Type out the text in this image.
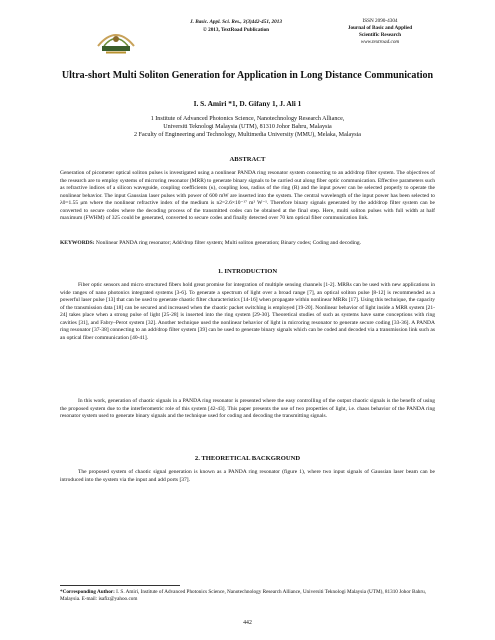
J. Basic. Appl. Sci. Res., 3(3)442-451, 2013
© 2013, TextRoad Publication
ISSN 2090-4304
Journal of Basic and Applied
Scientific Research
www.textroad.com
Ultra-short Multi Soliton Generation for Application in Long Distance Communication
I. S. Amiri *1, D. Gifany 1, J. Ali 1
1 Institute of Advanced Photonics Science, Nanotechnology Research Alliance,
Universiti Teknologi Malaysia (UTM), 81310 Johor Bahru, Malaysia
2 Faculty of Engineering and Technology, Multimedia University (MMU), Melaka, Malaysia
ABSTRACT
Generation of picometer optical soliton pulses is investigated using a nonlinear PANDA ring resonator system connecting to an add/drop filter system. The objectives of the research are to employ systems of microring resonator (MRR) to generate binary signals to be carried out along fiber optic communication. Effective parameters such as refractive indices of a silicon waveguide, coupling coefficients (κ), coupling loss, radius of the ring (R) and the input power can be selected properly to operate the nonlinear behavior. The input Gaussian laser pulses with power of 600 mW are inserted into the system. The central wavelength of the input power has been selected to λ0=1.55 μm where the nonlinear refractive index of the medium is n2=2.6×10⁻¹⁷ m² W⁻¹. Therefore binary signals generated by the add/drop filter system can be converted to secure codes where the decoding process of the transmitted codes can be obtained at the final step. Here, multi soliton pulses with full width at half maximum (FWHM) of 325 could be generated, converted to secure codes and finally detected over 70 km optical fiber communication link.
KEYWORDS: Nonlinear PANDA ring resonator; Add/drop filter system; Multi soliton generation; Binary codes; Coding and decoding.
1. INTRODUCTION
Fiber optic sensors and micro structured fibers hold great promise for integration of multiple sensing channels [1-2]. MRRs can be used with new applications in wide ranges of nano photonics integrated systems [3-6]. To generate a spectrum of light over a broad range [7], an optical soliton pulse [8-12] is recommended as a powerful laser pulse [13] that can be used to generate chaotic filter characteristics [14-16] when propagate within nonlinear MRRs [17]. Using this technique, the capacity of the transmission data [18] can be secured and increased when the chaotic packet switching is employed [19-20]. Nonlinear behavior of light inside a MRR system [21-24] takes place when a strong pulse of light [25-28] is inserted into the ring system [29-30]. Theoretical studies of such as systems have same conceptions with ring cavities [31], and Fabry–Perot system [32]. Another technique used the nonlinear behavior of light in microring resonator to generate secure coding [33-36]. A PANDA ring resonator [37-38] connecting to an add/drop filter system [39] can be used to generate binary signals which can be coded and decoded via a transmission link such as an optical fiber communication [40-41].
In this work, generation of chaotic signals in a PANDA ring resonator is presented where the easy controlling of the output chaotic signals is the benefit of using the proposed system due to the interferometric role of this system [42-43]. This paper presents the use of two properties of light, i.e. chaos behavior of the PANDA ring resonator system used to generate binary signals and the technique used for coding and decoding the transmitting signals.
2. THEORETICAL BACKGROUND
The proposed system of chaotic signal generation is known as a PANDA ring resonator (figure 1), where two input signals of Gaussian laser beam can be introduced into the system via the input and add ports [37].
*Corresponding Author: I. S. Amiri, Institute of Advanced Photonics Science, Nanotechnology Research Alliance, Universiti Teknologi Malaysia (UTM), 81310 Johor Bahru, Malaysia. E-mail: isafiz@yahoo.com
442
